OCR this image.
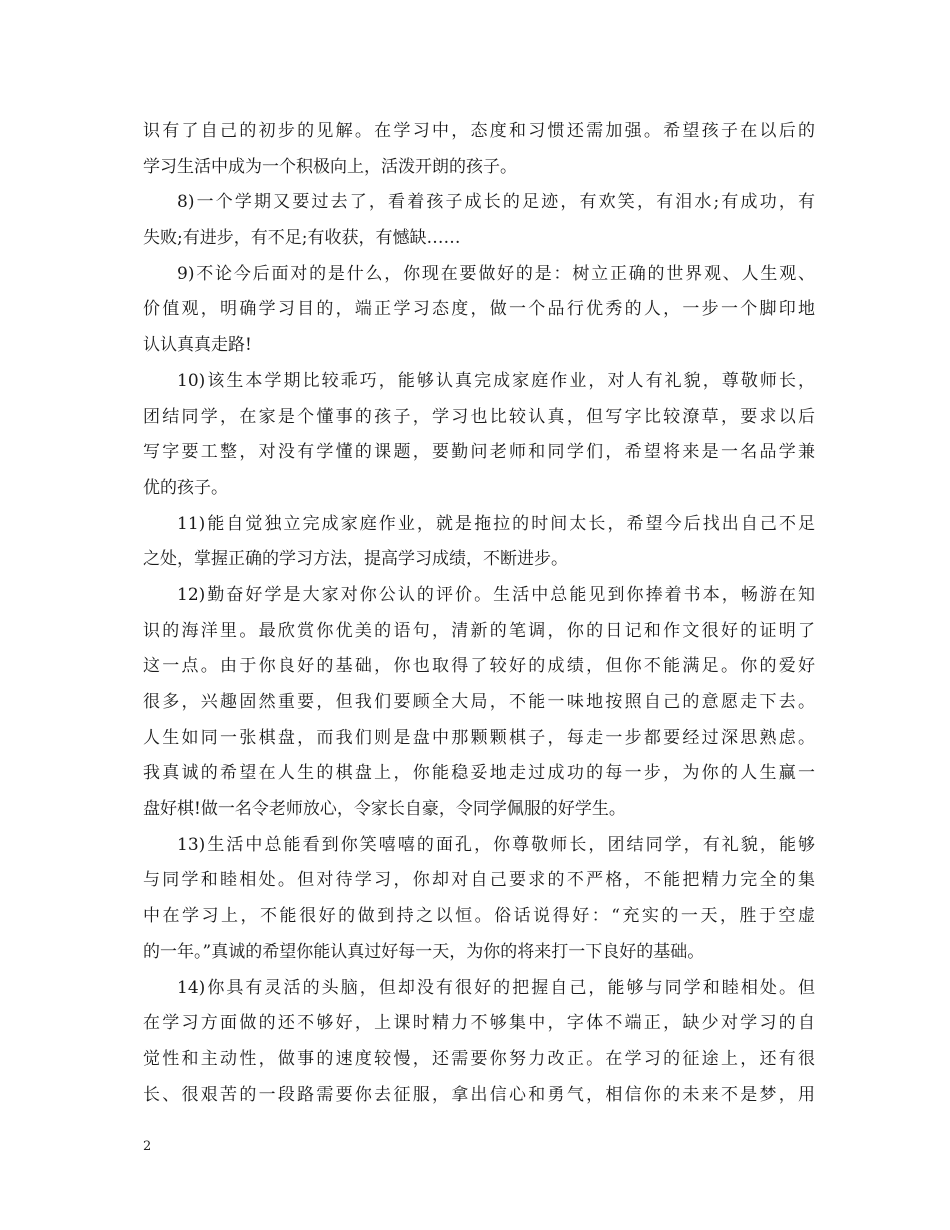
识有了自己的初步的见解。在学习中，态度和习惯还需加强。希望孩子在以后的
学习生活中成为一个积极向上，活泼开朗的孩子。
8)一个学期又要过去了，看着孩子成长的足迹，有欢笑，有泪水;有成功，有
失败;有进步，有不足;有收获，有憾缺……
9)不论今后面对的是什么，你现在要做好的是：树立正确的世界观、人生观、
价值观，明确学习目的，端正学习态度，做一个品行优秀的人，一步一个脚印地
认认真真走路!
10)该生本学期比较乖巧，能够认真完成家庭作业，对人有礼貌，尊敬师长，
团结同学，在家是个懂事的孩子，学习也比较认真，但写字比较潦草，要求以后
写字要工整，对没有学懂的课题，要勤问老师和同学们，希望将来是一名品学兼
优的孩子。
11)能自觉独立完成家庭作业，就是拖拉的时间太长，希望今后找出自己不足
之处，掌握正确的学习方法，提高学习成绩，不断进步。
12)勤奋好学是大家对你公认的评价。生活中总能见到你捧着书本，畅游在知
识的海洋里。最欣赏你优美的语句，清新的笔调，你的日记和作文很好的证明了
这一点。由于你良好的基础，你也取得了较好的成绩，但你不能满足。你的爱好
很多，兴趣固然重要，但我们要顾全大局，不能一味地按照自己的意愿走下去。
人生如同一张棋盘，而我们则是盘中那颗颗棋子，每走一步都要经过深思熟虑。
我真诚的希望在人生的棋盘上，你能稳妥地走过成功的每一步，为你的人生赢一
盘好棋!做一名令老师放心，令家长自豪，令同学佩服的好学生。
13)生活中总能看到你笑嘻嘻的面孔，你尊敬师长，团结同学，有礼貌，能够
与同学和睦相处。但对待学习，你却对自己要求的不严格，不能把精力完全的集
中在学习上，不能很好的做到持之以恒。俗话说得好：“充实的一天，胜于空虚
的一年。”真诚的希望你能认真过好每一天，为你的将来打一下良好的基础。
14)你具有灵活的头脑，但却没有很好的把握自己，能够与同学和睦相处。但
在学习方面做的还不够好，上课时精力不够集中，字体不端正，缺少对学习的自
觉性和主动性，做事的速度较慢，还需要你努力改正。在学习的征途上，还有很
长、很艰苦的一段路需要你去征服，拿出信心和勇气，相信你的未来不是梦，用
2
